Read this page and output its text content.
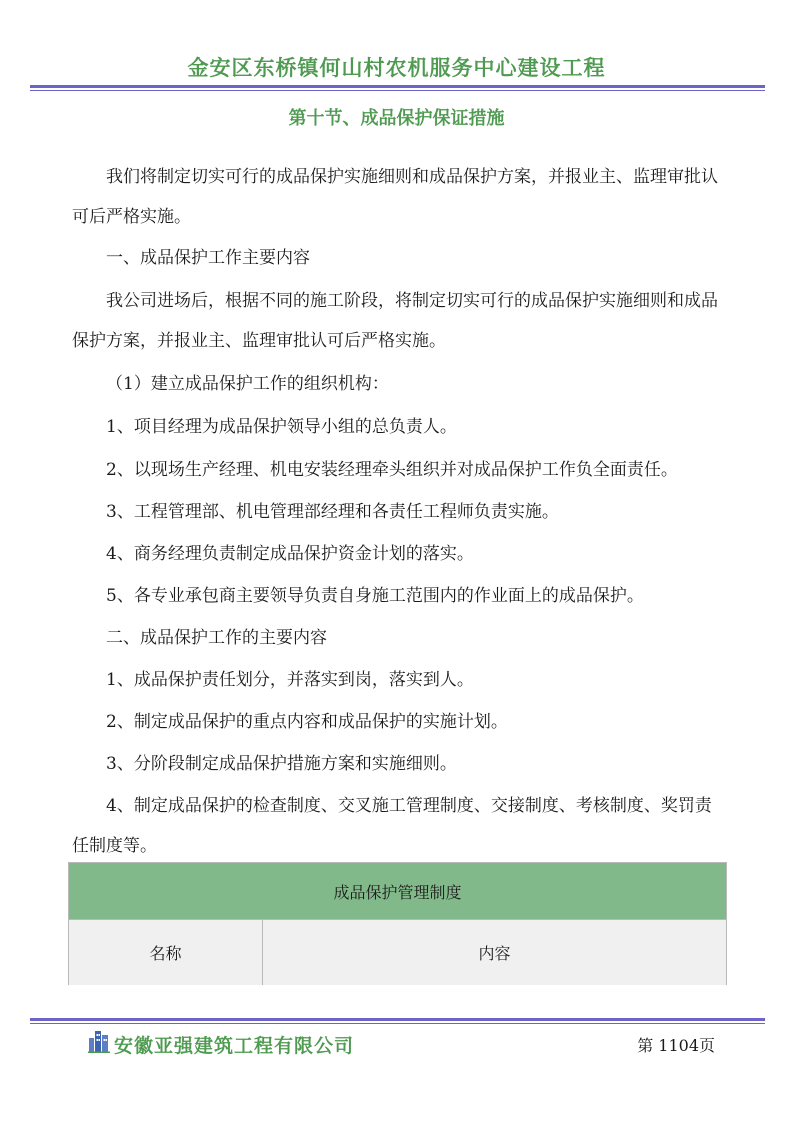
金安区东桥镇何山村农机服务中心建设工程
第十节、成品保护保证措施
我们将制定切实可行的成品保护实施细则和成品保护方案，并报业主、监理审批认可后严格实施。
一、成品保护工作主要内容
我公司进场后，根据不同的施工阶段，将制定切实可行的成品保护实施细则和成品保护方案，并报业主、监理审批认可后严格实施。
（1）建立成品保护工作的组织机构：
1、项目经理为成品保护领导小组的总负责人。
2、以现场生产经理、机电安装经理牵头组织并对成品保护工作负全面责任。
3、工程管理部、机电管理部经理和各责任工程师负责实施。
4、商务经理负责制定成品保护资金计划的落实。
5、各专业承包商主要领导负责自身施工范围内的作业面上的成品保护。
二、成品保护工作的主要内容
1、成品保护责任划分，并落实到岗，落实到人。
2、制定成品保护的重点内容和成品保护的实施计划。
3、分阶段制定成品保护措施方案和实施细则。
4、制定成品保护的检查制度、交叉施工管理制度、交接制度、考核制度、奖罚责任制度等。
成品保护管理制度
名称	内容
安徽亚强建筑工程有限公司	第 1104页
